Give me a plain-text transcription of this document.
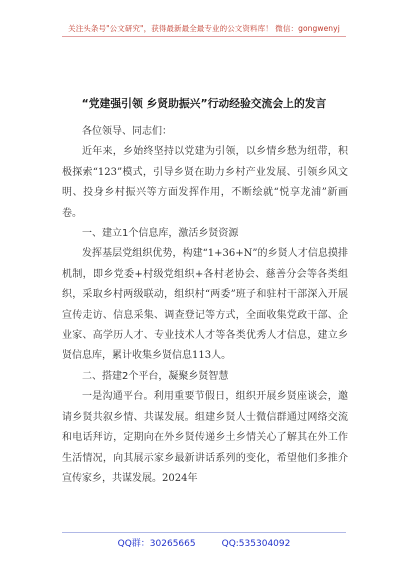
关注头条号"公文研究"，获得最新最全最专业的公文资料库！ 微信：gongwenyj
“党建强引领 乡贤助振兴”行动经验交流会上的发言

各位领导、同志们：

近年来，乡始终坚持以党建为引领，以乡情乡愁为纽带，积极探索“123”模式，引导乡贤在助力乡村产业发展、引领乡风文明、投身乡村振兴等方面发挥作用，不断绘就“悦享龙浦”新画卷。

一、建立1个信息库，激活乡贤资源

发挥基层党组织优势，构建“1+36+N”的乡贤人才信息摸排机制，即乡党委+村级党组织+各村老协会、慈善分会等各类组织，采取乡村两级联动，组织村“两委”班子和驻村干部深入开展宣传走访、信息采集、调查登记等方式，全面收集党政干部、企业家、高学历人才、专业技术人才等各类优秀人才信息，建立乡贤信息库，累计收集乡贤信息113人。

二、搭建2个平台，凝聚乡贤智慧

一是沟通平台。利用重要节假日，组织开展乡贤座谈会，邀请乡贤共叙乡情、共谋发展。组建乡贤人士微信群通过网络交流和电话拜访，定期向在外乡贤传递乡土乡情关心了解其在外工作生活情况，向其展示家乡最新讲话系列的变化，希望他们多推介宣传家乡，共谋发展。2024年

QQ群：30265665	QQ:535304092
